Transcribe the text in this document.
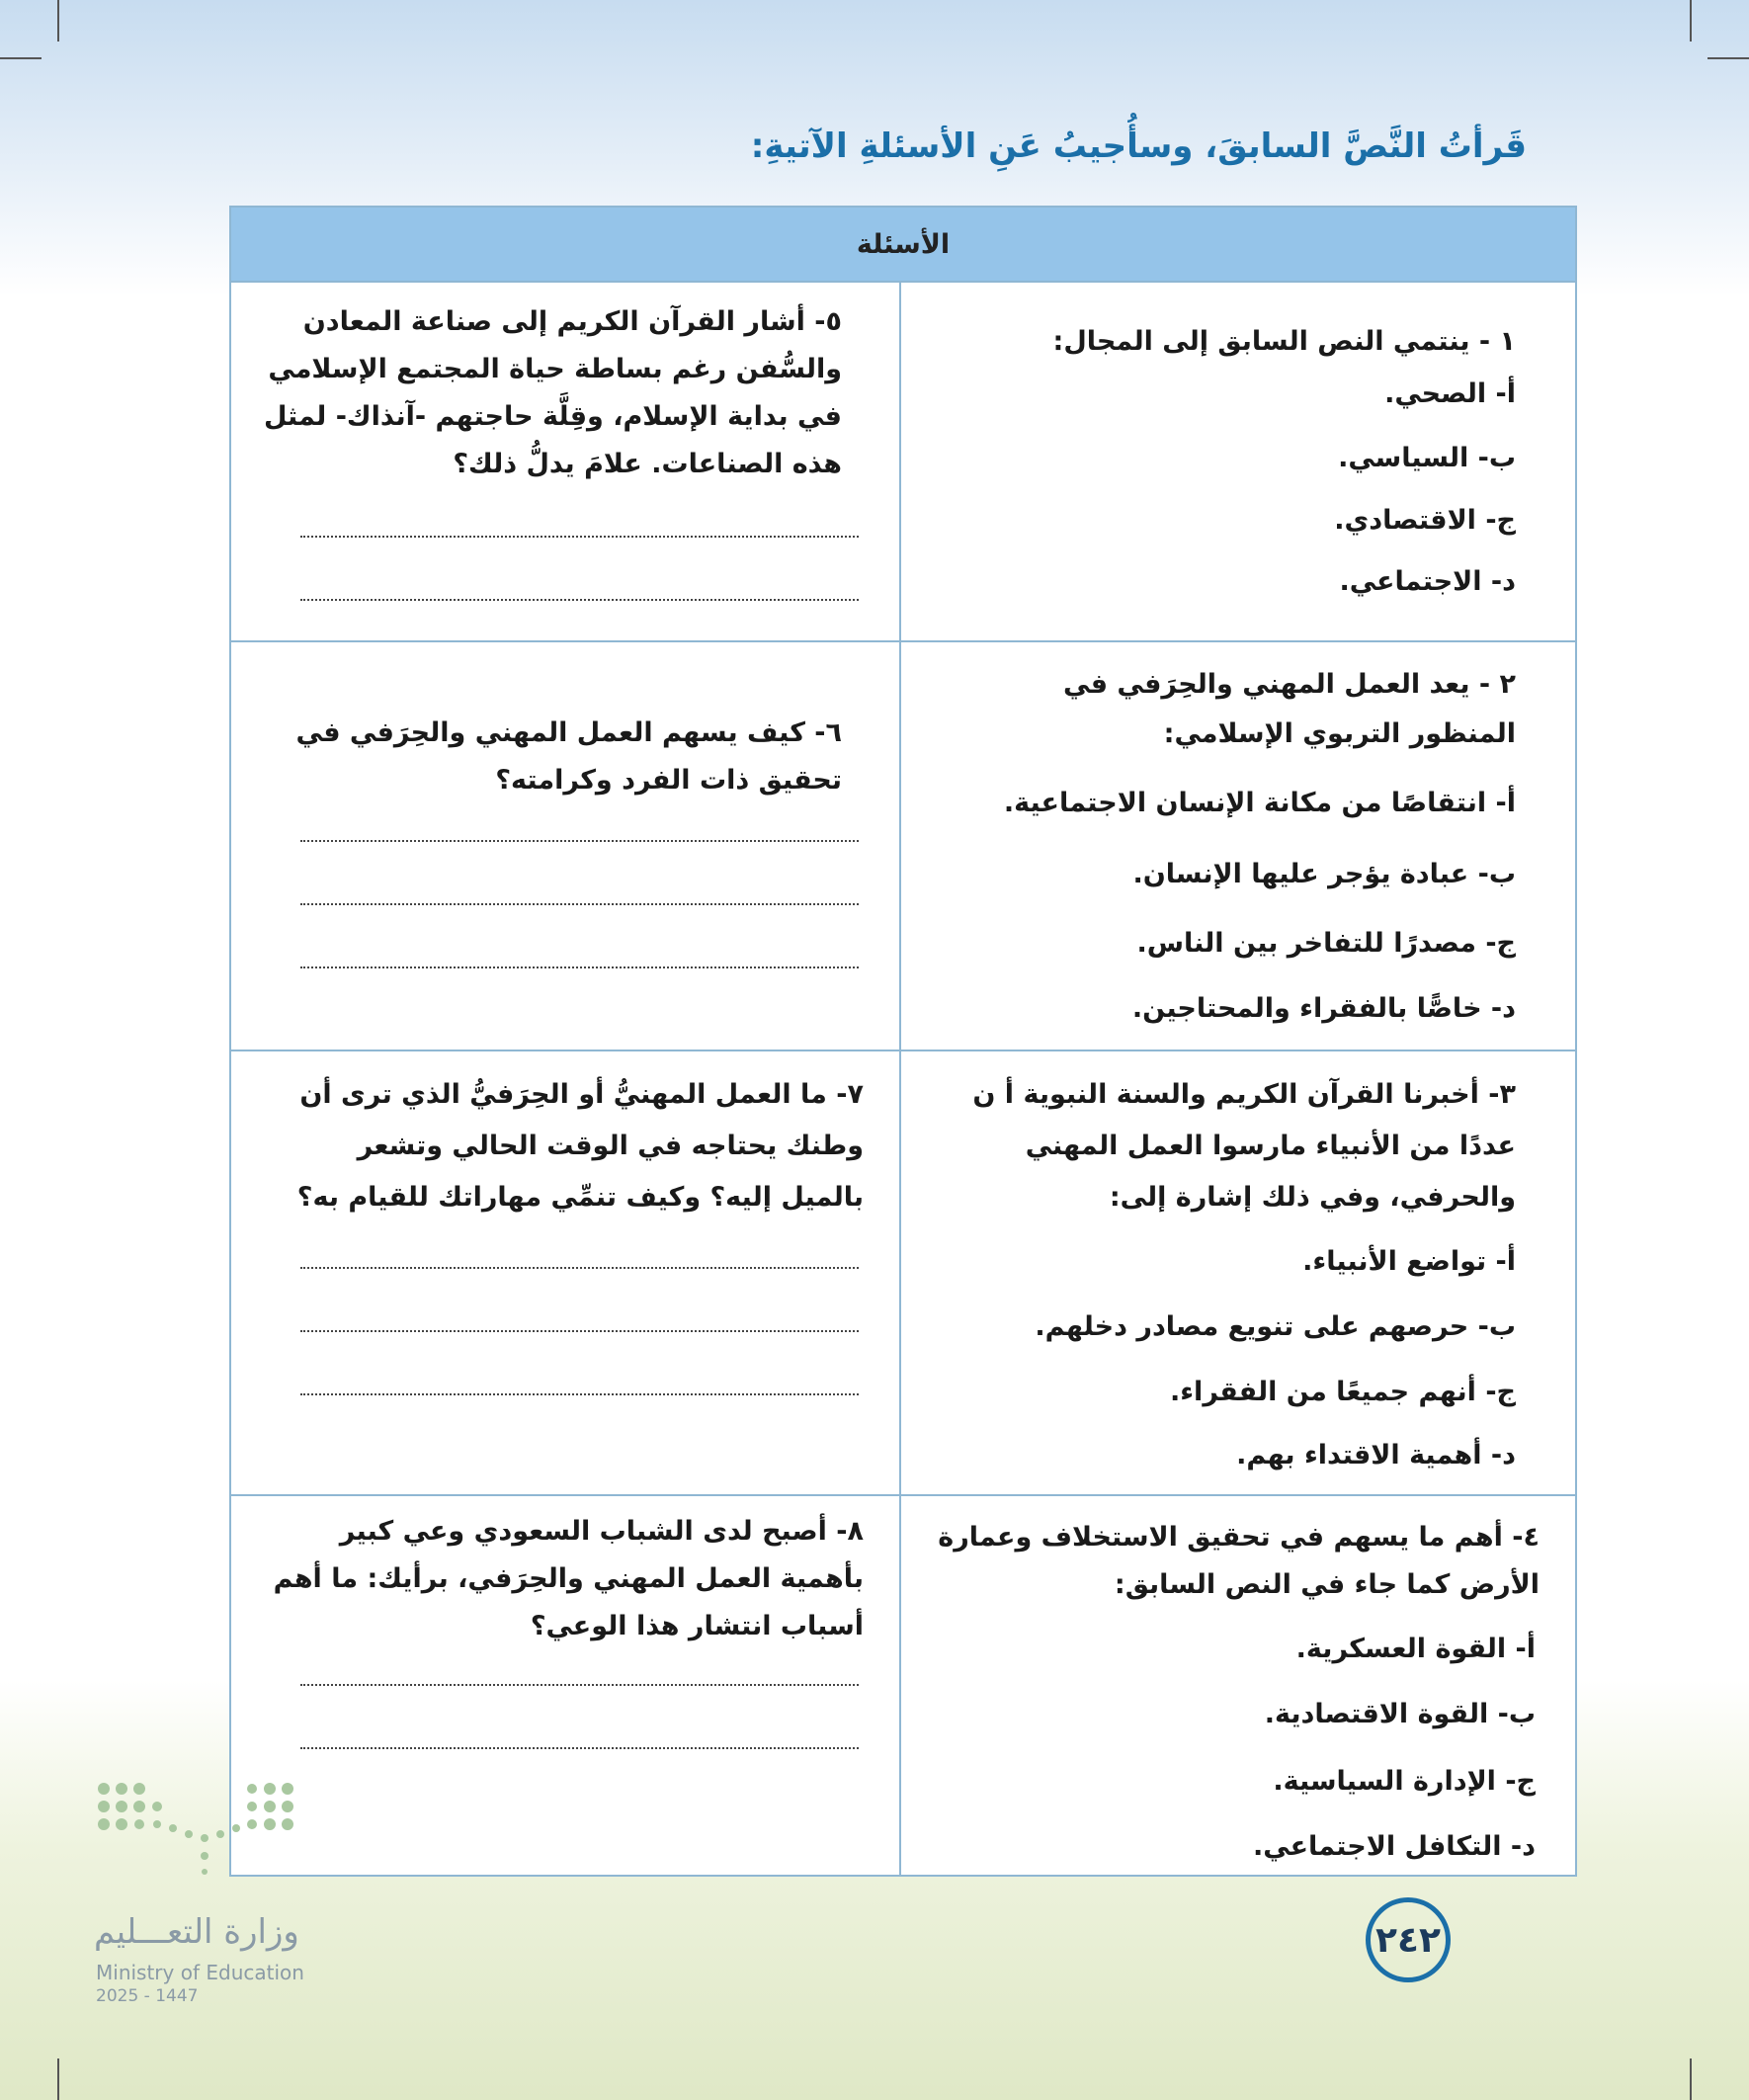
قَرأتُ النَّصَّ السابقَ، وسأُجيبُ عَنِ الأسئلةِ الآتيةِ:
الأسئلة

١ - ينتمي النص السابق إلى المجال:

أ- الصحي.
ب- السياسي.
ج- الاقتصادي.
د- الاجتماعي.

٥- أشار القرآن الكريم إلى صناعة المعادن والسُّفن رغم بساطة حياة المجتمع الإسلامي في بداية الإسلام، وقِلَّة حاجتهم -آنذاك- لمثل هذه الصناعات. علامَ يدلُّ ذلك؟

٢ - يعد العمل المهني والحِرَفي في المنظور التربوي الإسلامي:

أ- انتقاصًا من مكانة الإنسان الاجتماعية.
ب- عبادة يؤجر عليها الإنسان.
ج- مصدرًا للتفاخر بين الناس.
د- خاصًّا بالفقراء والمحتاجين.

٦- كيف يسهم العمل المهني والحِرَفي في تحقيق ذات الفرد وكرامته؟

٣- أخبرنا القرآن الكريم والسنة النبوية أ ن عددًا من الأنبياء مارسوا العمل المهني والحرفي، وفي ذلك إشارة إلى:

أ- تواضع الأنبياء.
ب- حرصهم على تنويع مصادر دخلهم.
ج- أنهم جميعًا من الفقراء.
د- أهمية الاقتداء بهم.

٧- ما العمل المهنيُّ أو الحِرَفيُّ الذي ترى أن وطنك يحتاجه في الوقت الحالي وتشعر بالميل إليه؟ وكيف تنمِّي مهاراتك للقيام به؟

٤- أهم ما يسهم في تحقيق الاستخلاف وعمارة الأرض كما جاء في النص السابق:

أ- القوة العسكرية.
ب- القوة الاقتصادية.
ج- الإدارة السياسية.
د- التكافل الاجتماعي.

٨- أصبح لدى الشباب السعودي وعي كبير بأهمية العمل المهني والحِرَفي، برأيك: ما أهم أسباب انتشار هذا الوعي؟

٢٤٢
وزارة التعـــليم
Ministry of Education
2025 - 1447
